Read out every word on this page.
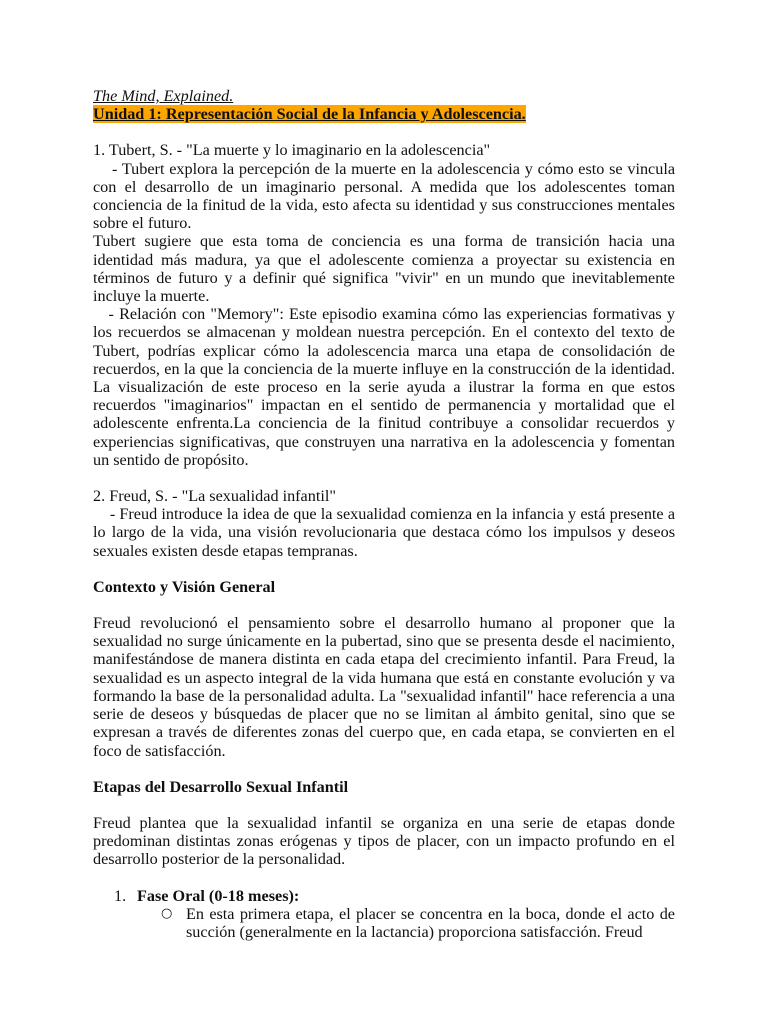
The Mind, Explained.

Unidad 1: Representación Social de la Infancia y Adolescencia.

1. Tubert, S. - "La muerte y lo imaginario en la adolescencia"

- Tubert explora la percepción de la muerte en la adolescencia y cómo esto se vincula con el desarrollo de un imaginario personal. A medida que los adolescentes toman conciencia de la finitud de la vida, esto afecta su identidad y sus construcciones mentales sobre el futuro.

Tubert sugiere que esta toma de conciencia es una forma de transición hacia una identidad más madura, ya que el adolescente comienza a proyectar su existencia en términos de futuro y a definir qué significa "vivir" en un mundo que inevitablemente incluye la muerte.

- Relación con "Memory": Este episodio examina cómo las experiencias formativas y los recuerdos se almacenan y moldean nuestra percepción. En el contexto del texto de Tubert, podrías explicar cómo la adolescencia marca una etapa de consolidación de recuerdos, en la que la conciencia de la muerte influye en la construcción de la identidad. La visualización de este proceso en la serie ayuda a ilustrar la forma en que estos recuerdos "imaginarios" impactan en el sentido de permanencia y mortalidad que el adolescente enfrenta.La conciencia de la finitud contribuye a consolidar recuerdos y experiencias significativas, que construyen una narrativa en la adolescencia y fomentan un sentido de propósito.

2. Freud, S. - "La sexualidad infantil"

- Freud introduce la idea de que la sexualidad comienza en la infancia y está presente a lo largo de la vida, una visión revolucionaria que destaca cómo los impulsos y deseos sexuales existen desde etapas tempranas.

Contexto y Visión General

Freud revolucionó el pensamiento sobre el desarrollo humano al proponer que la sexualidad no surge únicamente en la pubertad, sino que se presenta desde el nacimiento, manifestándose de manera distinta en cada etapa del crecimiento infantil. Para Freud, la sexualidad es un aspecto integral de la vida humana que está en constante evolución y va formando la base de la personalidad adulta. La "sexualidad infantil" hace referencia a una serie de deseos y búsquedas de placer que no se limitan al ámbito genital, sino que se expresan a través de diferentes zonas del cuerpo que, en cada etapa, se convierten en el foco de satisfacción.

Etapas del Desarrollo Sexual Infantil

Freud plantea que la sexualidad infantil se organiza en una serie de etapas donde predominan distintas zonas erógenas y tipos de placer, con un impacto profundo en el desarrollo posterior de la personalidad.

1. Fase Oral (0-18 meses):
○ En esta primera etapa, el placer se concentra en la boca, donde el acto de succión (generalmente en la lactancia) proporciona satisfacción. Freud
